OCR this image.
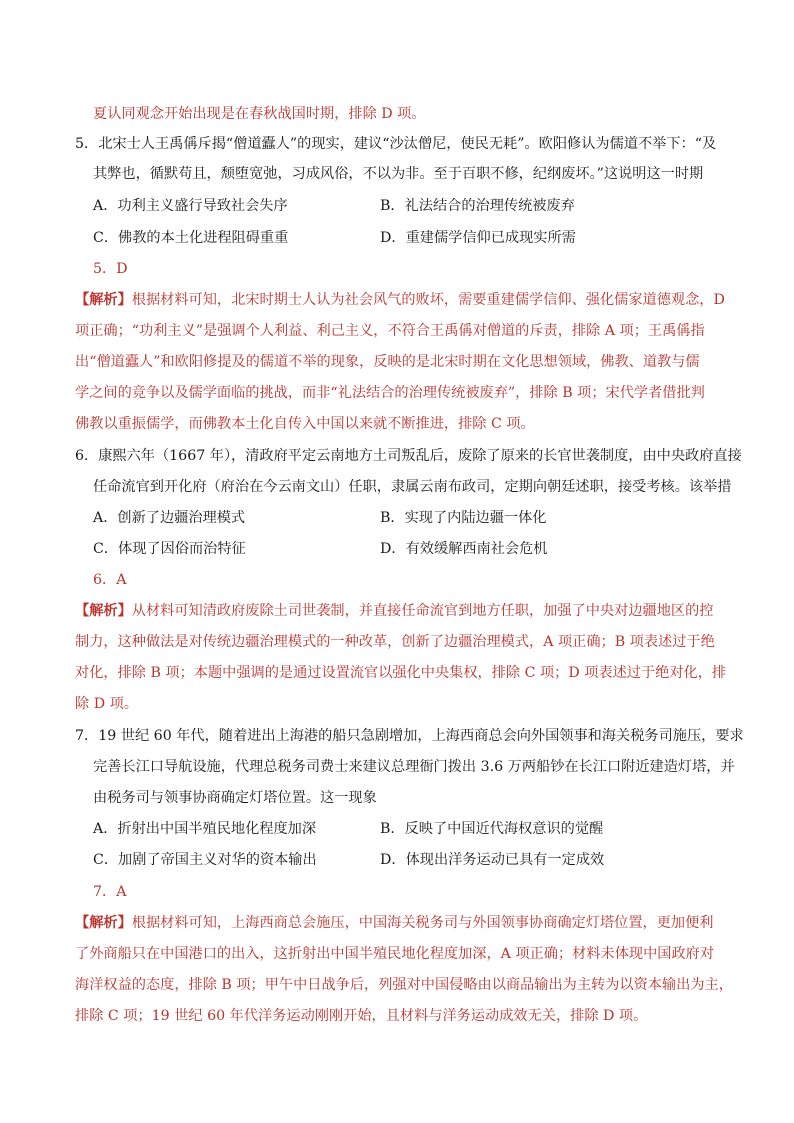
夏认同观念开始出现是在春秋战国时期，排除 D 项。
5．北宋士人王禹偁斥揭“僧道蠹人”的现实，建议“沙汰僧尼，使民无耗”。欧阳修认为儒道不举下：“及
其弊也，循默苟且，颓堕宽弛，习成风俗，不以为非。至于百职不修，纪纲废坏。”这说明这一时期
A．功利主义盛行导致社会失序	B．礼法结合的治理传统被废弃
C．佛教的本土化进程阻碍重重	D．重建儒学信仰已成现实所需
5．D
【解析】根据材料可知，北宋时期士人认为社会风气的败坏，需要重建儒学信仰、强化儒家道德观念，D
项正确；“功利主义”是强调个人利益、利己主义，不符合王禹偁对僧道的斥责，排除 A 项；王禹偁指
出“僧道蠹人”和欧阳修提及的儒道不举的现象，反映的是北宋时期在文化思想领域，佛教、道教与儒
学之间的竞争以及儒学面临的挑战，而非“礼法结合的治理传统被废弃”，排除 B 项；宋代学者借批判
佛教以重振儒学，而佛教本土化自传入中国以来就不断推进，排除 C 项。
6．康熙六年（1667 年），清政府平定云南地方土司叛乱后，废除了原来的长官世袭制度，由中央政府直接
任命流官到开化府（府治在今云南文山）任职，隶属云南布政司，定期向朝廷述职，接受考核。该举措
A．创新了边疆治理模式	B．实现了内陆边疆一体化
C．体现了因俗而治特征	D．有效缓解西南社会危机
6．A
【解析】从材料可知清政府废除土司世袭制，并直接任命流官到地方任职，加强了中央对边疆地区的控
制力，这种做法是对传统边疆治理模式的一种改革，创新了边疆治理模式，A 项正确；B 项表述过于绝
对化，排除 B 项；本题中强调的是通过设置流官以强化中央集权，排除 C 项；D 项表述过于绝对化，排
除 D 项。
7．19 世纪 60 年代，随着进出上海港的船只急剧增加，上海西商总会向外国领事和海关税务司施压，要求
完善长江口导航设施，代理总税务司费士来建议总理衙门拨出 3.6 万两船钞在长江口附近建造灯塔，并
由税务司与领事协商确定灯塔位置。这一现象
A．折射出中国半殖民地化程度加深	B．反映了中国近代海权意识的觉醒
C．加剧了帝国主义对华的资本输出	D．体现出洋务运动已具有一定成效
7．A
【解析】根据材料可知，上海西商总会施压，中国海关税务司与外国领事协商确定灯塔位置，更加便利
了外商船只在中国港口的出入，这折射出中国半殖民地化程度加深，A 项正确；材料未体现中国政府对
海洋权益的态度，排除 B 项；甲午中日战争后，列强对中国侵略由以商品输出为主转为以资本输出为主，
排除 C 项；19 世纪 60 年代洋务运动刚刚开始，且材料与洋务运动成效无关，排除 D 项。
